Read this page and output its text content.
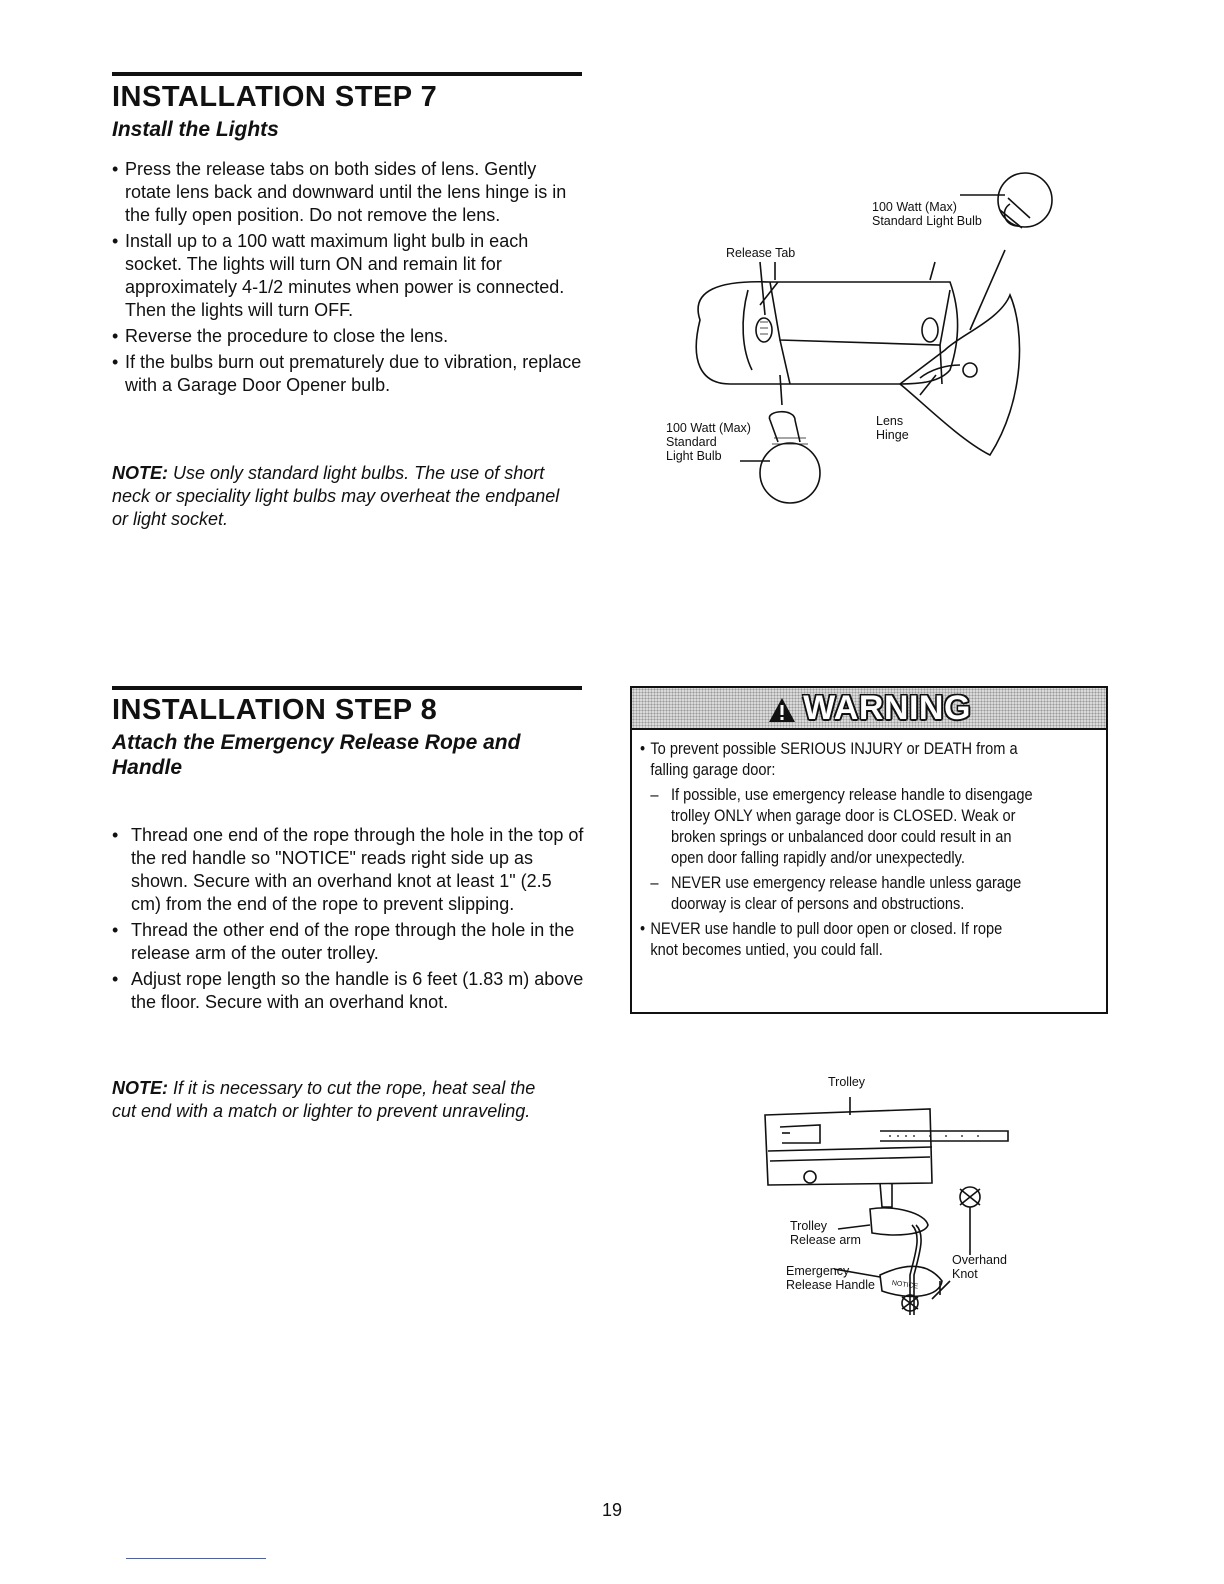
INSTALLATION STEP 7
Install the Lights
• Press the release tabs on both sides of lens. Gently rotate lens back and downward until the lens hinge is in the fully open position. Do not remove the lens.
• Install up to a 100 watt maximum light bulb in each socket. The lights will turn ON and remain lit for approximately 4-1/2 minutes when power is connected. Then the lights will turn OFF.
• Reverse the procedure to close the lens.
• If the bulbs burn out prematurely due to vibration, replace with a Garage Door Opener bulb.

NOTE: Use only standard light bulbs. The use of short neck or speciality light bulbs may overheat the endpanel or light socket.

100 Watt (Max)
Standard Light Bulb
Release Tab
100 Watt (Max)
Standard
Light Bulb
Lens
Hinge
INSTALLATION STEP 8
Attach the Emergency Release Rope and Handle
• Thread one end of the rope through the hole in the top of the red handle so "NOTICE" reads right side up as shown. Secure with an overhand knot at least 1" (2.5 cm) from the end of the rope to prevent slipping.
• Thread the other end of the rope through the hole in the release arm of the outer trolley.
• Adjust rope length so the handle is 6 feet (1.83 m) above the floor. Secure with an overhand knot.

NOTE: If it is necessary to cut the rope, heat seal the cut end with a match or lighter to prevent unraveling.

WARNING
• To prevent possible SERIOUS INJURY or DEATH from a falling garage door:
– If possible, use emergency release handle to disengage trolley ONLY when garage door is CLOSED. Weak or broken springs or unbalanced door could result in an open door falling rapidly and/or unexpectedly.
– NEVER use emergency release handle unless garage doorway is clear of persons and obstructions.
• NEVER use handle to pull door open or closed. If rope knot becomes untied, you could fall.
NOTICE
Trolley
Trolley
Release arm
Emergency
Release Handle
Overhand
Knot
19
